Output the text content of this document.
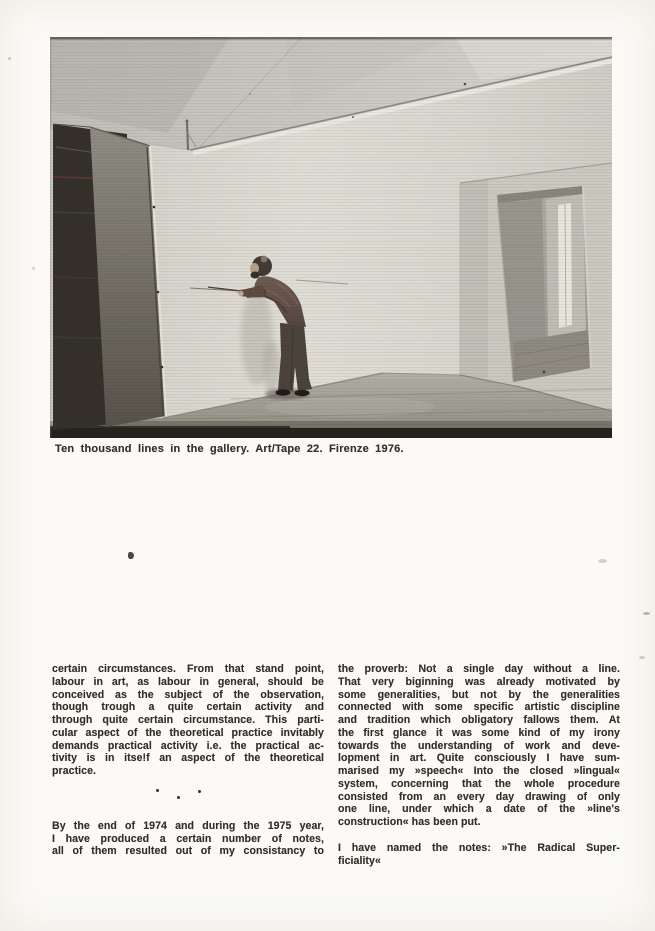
Ten thousand lines in the gallery. Art/Tape 22. Firenze 1976.
certain circumstances. From that stand point,
labour in art, as labour in general, should be
conceived as the subject of the observation,
though trough a quite certain activity and
through quite certain circumstance. This parti-
cular aspect of the theoretical practice invitably
demands practical activity i.e. the practical ac-
tivity is in itse!f an aspect of the theoretical
practice.
By the end of 1974 and during the 1975 year,
I have produced a certain number of notes,
all of them resulted out of my consistancy to
the proverb: Not a single day without a line.
That very biginning was already motivated by
some generalities, but not by the generalities
connected with some specific artistic discipline
and tradition which obligatory fallows them. At
the first glance it was some kind of my irony
towards the understanding of work and deve-
lopment in art. Quite consciously I have sum-
marised my »speech« Into the closed »lingual«
system, concerning that the whole procedure
consisted from an every day drawing of only
one line, under which a date of the »line's
construction« has been put.
I have named the notes: »The Radical Super-
ficiality«
